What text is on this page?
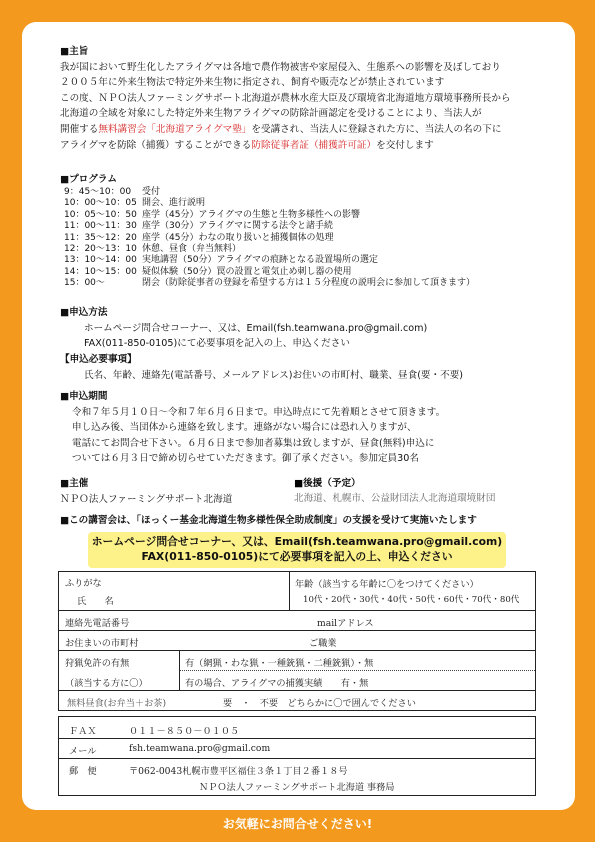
■主旨
我が国において野生化したアライグマは各地で農作物被害や家屋侵入、生態系への影響を及ぼしており
２００５年に外来生物法で特定外来生物に指定され、飼育や販売などが禁止されています
この度、ＮＰＯ法人ファーミングサポート北海道が農林水産大臣及び環境省北海道地方環境事務所長から
北海道の全域を対象にした特定外来生物アライグマの防除計画認定を受けることにより、当法人が
開催する無料講習会「北海道アライグマ塾」を受講され、当法人に登録された方に、当法人の名の下に
アライグマを防除（捕獲）することができる防除従事者証（捕獲許可証）を交付します
■プログラム
9：45〜10：00	受付
10：00〜10：05 開会、進行説明
10：05〜10：50 座学（45分）アライグマの生態と生物多様性への影響
11：00〜11：30 座学（30分）アライグマに関する法令と諸手続
11：35〜12：20 座学（45分）わなの取り扱いと捕獲個体の処理
12：20〜13：10 休憩、昼食（弁当無料）
13：10〜14：00 実地講習（50分）アライグマの痕跡となる設置場所の選定
14：10〜15：00 疑似体験（50分）罠の設置と電気止め刺し器の使用
15：00〜	閉会（防除従事者の登録を希望する方は１５分程度の説明会に参加して頂きます）
■申込方法
ホームページ問合せコーナー、又は、Email(fsh.teamwana.pro@gmail.com)
FAX(011-850-0105)にて必要事項を記入の上、申込ください
【申込必要事項】
氏名、年齢、連絡先(電話番号、メールアドレス)お住いの市町村、職業、昼食(要・不要)
■申込期間
令和７年５月１０日〜令和７年６月６日まで。申込時点にて先着順とさせて頂きます。
申し込み後、当団体から連絡を致します。連絡がない場合には恐れ入りますが、
電話にてお問合せ下さい。６月６日まで参加者募集は致しますが、昼食(無料)申込に
ついては６月３日で締め切らせていただきます。御了承ください。参加定員30名
■主催
ＮＰＯ法人ファーミングサポート北海道
■後援（予定）
北海道、札幌市、公益財団法人北海道環境財団
■この講習会は、「ほっくー基金北海道生物多様性保全助成制度」の支援を受けて実施いたします
ホームページ問合せコーナー、又は、Email(fsh.teamwana.pro@gmail.com)
FAX(011-850-0105)にて必要事項を記入の上、申込ください
ふりがな
氏　　名
年齢（該当する年齢に〇をつけてください）
10代・20代・30代・40代・50代・60代・70代・80代
連絡先電話番号	mailアドレス
お住まいの市町村	ご職業
狩猟免許の有無	有（網猟・わな猟・一種銃猟・二種銃猟）・無
（該当する方に〇）	有の場合、アライグマの捕獲実績　　有・無
無料昼食(お弁当＋お茶)	要　・　不要　どちらかに〇で囲んでください
ＦＡＸ	０１１－８５０－０１０５
メール	fsh.teamwana.pro@gmail.com
郵　便	〒062-0043札幌市豊平区福住３条１丁目２番１８号
ＮＰＯ法人ファーミングサポート北海道 事務局
お気軽にお問合せください!
